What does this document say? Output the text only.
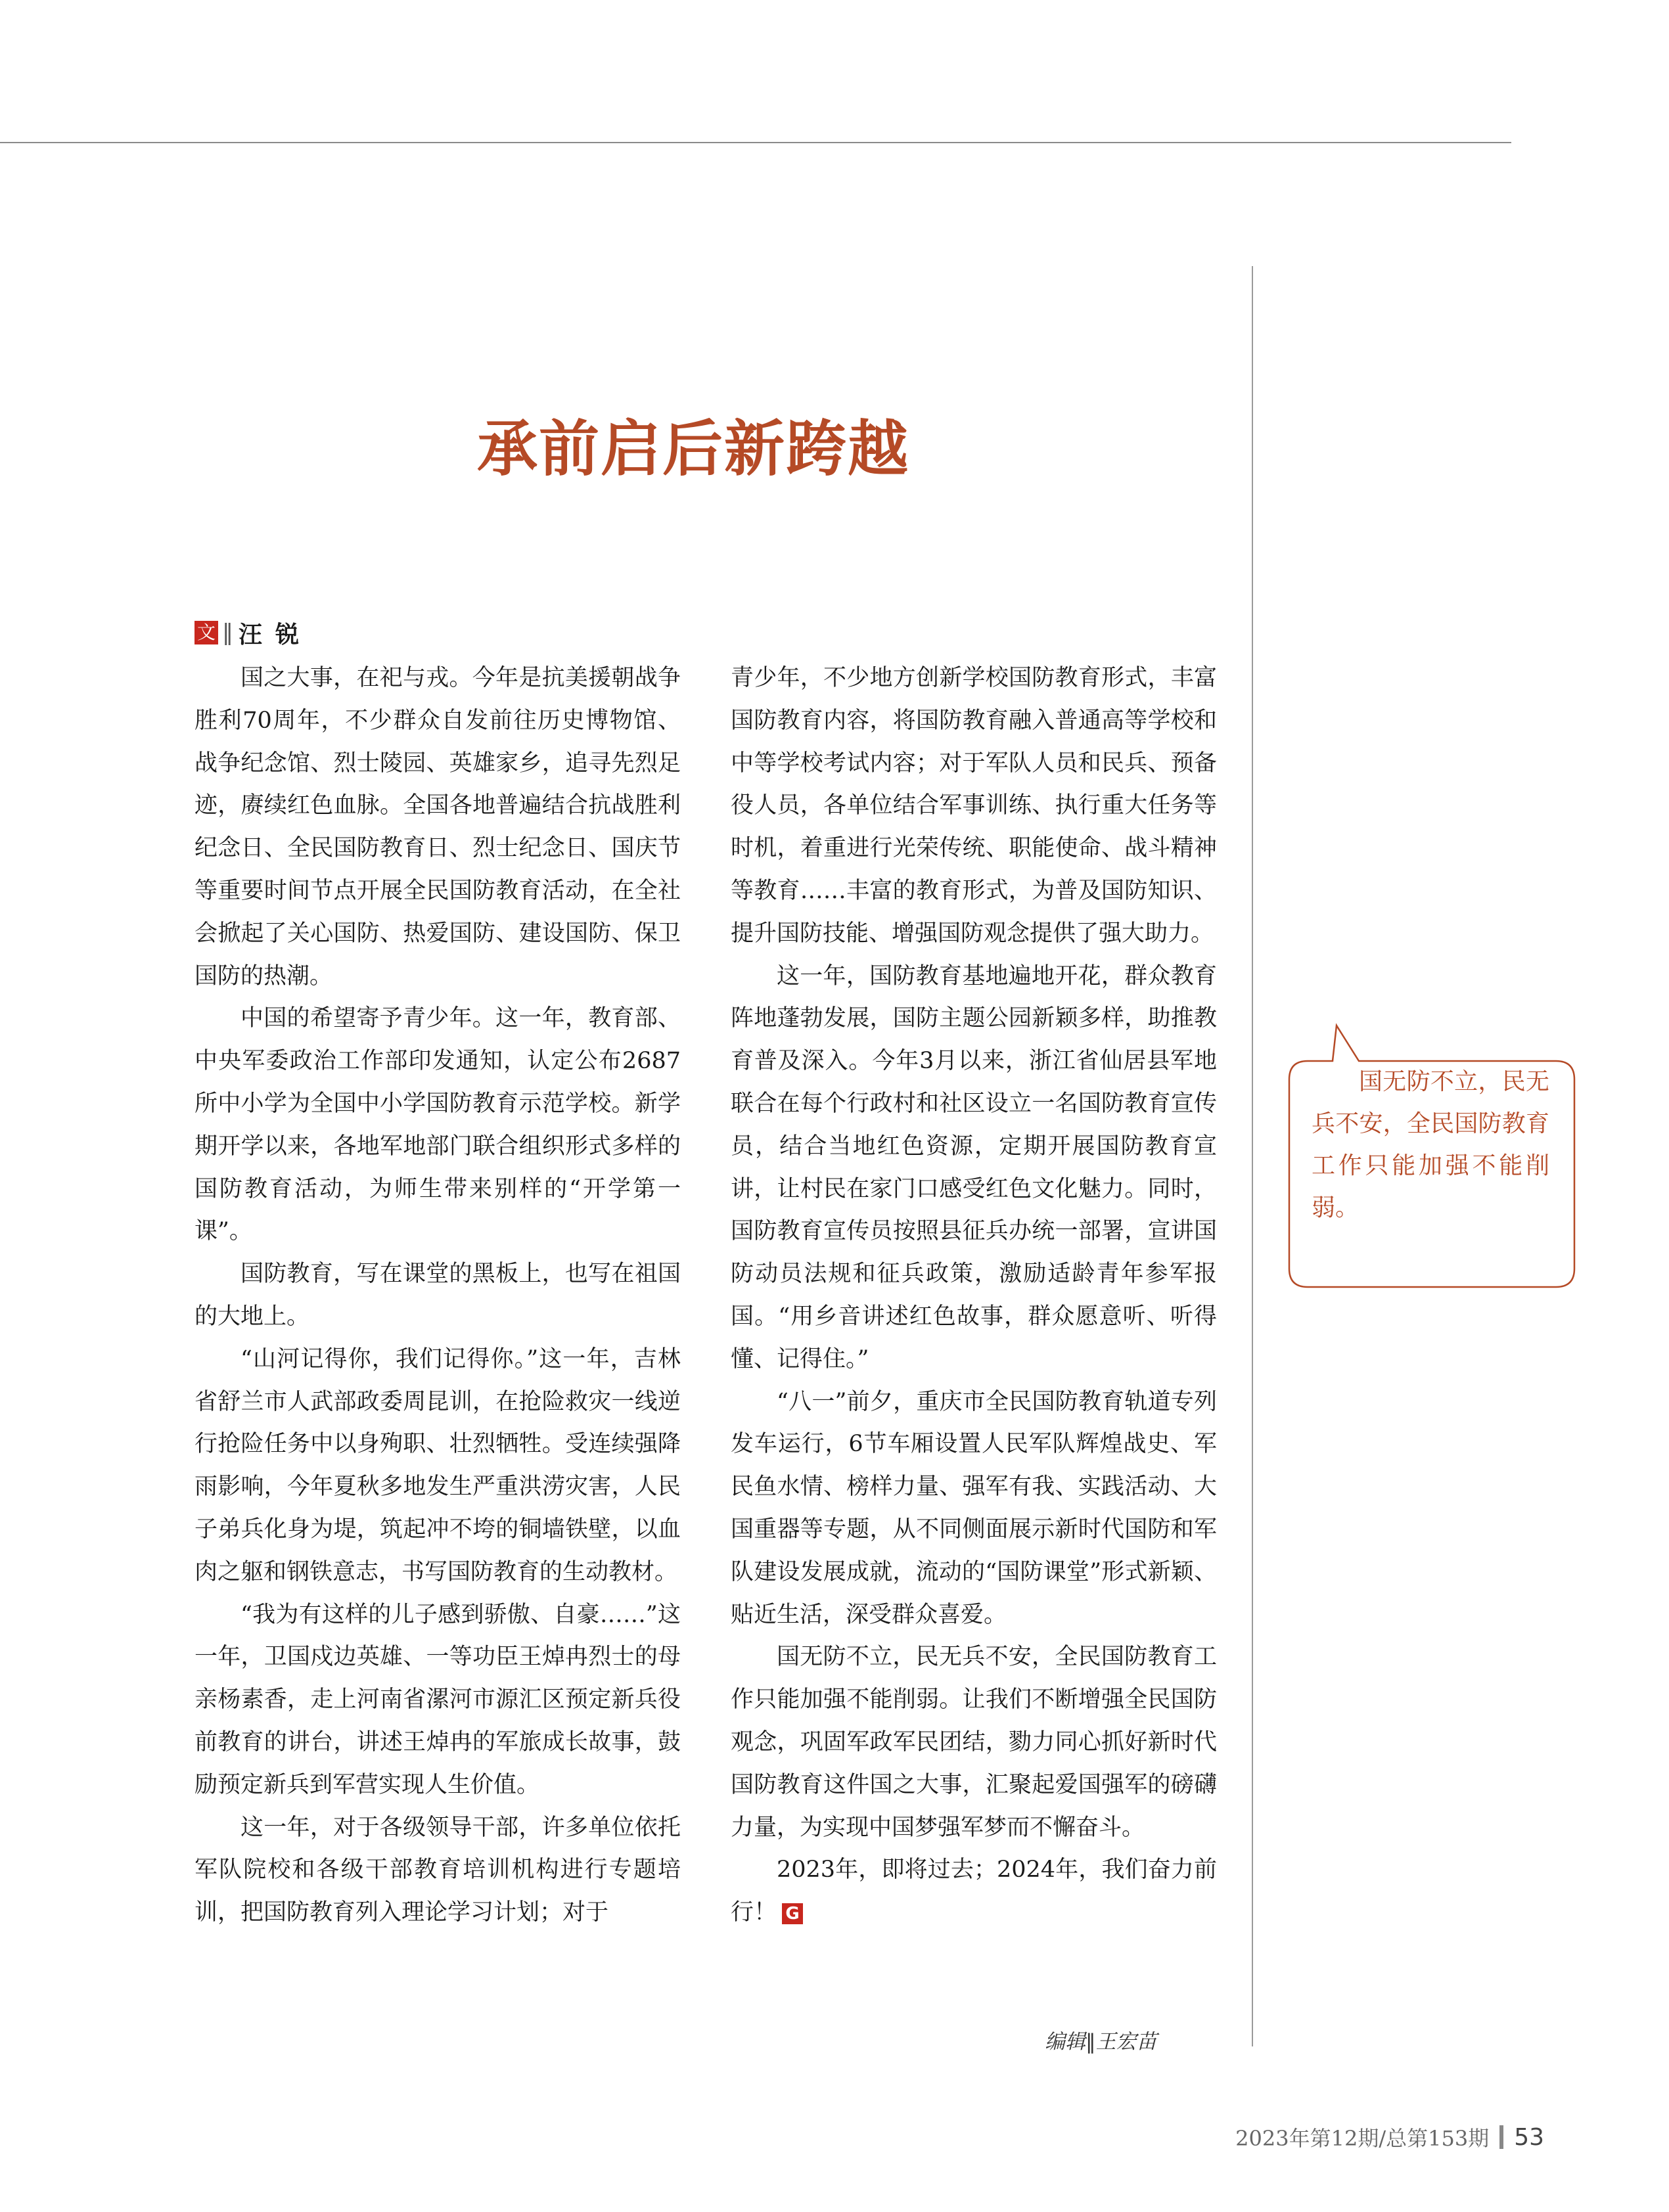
承前启后新跨越
文 ‖ 汪锐

国之大事，在祀与戎。今年是抗美援朝战争胜利70周年，不少群众自发前往历史博物馆、战争纪念馆、烈士陵园、英雄家乡，追寻先烈足迹，赓续红色血脉。全国各地普遍结合抗战胜利纪念日、全民国防教育日、烈士纪念日、国庆节等重要时间节点开展全民国防教育活动，在全社会掀起了关心国防、热爱国防、建设国防、保卫国防的热潮。

中国的希望寄予青少年。这一年，教育部、中央军委政治工作部印发通知，认定公布2687所中小学为全国中小学国防教育示范学校。新学期开学以来，各地军地部门联合组织形式多样的国防教育活动，为师生带来别样的“开学第一课”。

国防教育，写在课堂的黑板上，也写在祖国的大地上。

“山河记得你，我们记得你。”这一年，吉林省舒兰市人武部政委周昆训，在抢险救灾一线逆行抢险任务中以身殉职、壮烈牺牲。受连续强降雨影响，今年夏秋多地发生严重洪涝灾害，人民子弟兵化身为堤，筑起冲不垮的铜墙铁壁，以血肉之躯和钢铁意志，书写国防教育的生动教材。

“我为有这样的儿子感到骄傲、自豪……”这一年，卫国戍边英雄、一等功臣王焯冉烈士的母亲杨素香，走上河南省漯河市源汇区预定新兵役前教育的讲台，讲述王焯冉的军旅成长故事，鼓励预定新兵到军营实现人生价值。

这一年，对于各级领导干部，许多单位依托军队院校和各级干部教育培训机构进行专题培训，把国防教育列入理论学习计划；对于

青少年，不少地方创新学校国防教育形式，丰富国防教育内容，将国防教育融入普通高等学校和中等学校考试内容；对于军队人员和民兵、预备役人员，各单位结合军事训练、执行重大任务等时机，着重进行光荣传统、职能使命、战斗精神等教育……丰富的教育形式，为普及国防知识、提升国防技能、增强国防观念提供了强大助力。

这一年，国防教育基地遍地开花，群众教育阵地蓬勃发展，国防主题公园新颖多样，助推教育普及深入。今年3月以来，浙江省仙居县军地联合在每个行政村和社区设立一名国防教育宣传员，结合当地红色资源，定期开展国防教育宣讲，让村民在家门口感受红色文化魅力。同时，国防教育宣传员按照县征兵办统一部署，宣讲国防动员法规和征兵政策，激励适龄青年参军报国。“用乡音讲述红色故事，群众愿意听、听得懂、记得住。”

“八一”前夕，重庆市全民国防教育轨道专列发车运行，6节车厢设置人民军队辉煌战史、军民鱼水情、榜样力量、强军有我、实践活动、大国重器等专题，从不同侧面展示新时代国防和军队建设发展成就，流动的“国防课堂”形式新颖、贴近生活，深受群众喜爱。

国无防不立，民无兵不安，全民国防教育工作只能加强不能削弱。让我们不断增强全民国防观念，巩固军政军民团结，勠力同心抓好新时代国防教育这件国之大事，汇聚起爱国强军的磅礴力量，为实现中国梦强军梦而不懈奋斗。

2023年，即将过去；2024年，我们奋力前行！ G

国无防不立，民无兵不安，全民国防教育工作只能加强不能削弱。

编辑‖王宏苗
2023年第12期/总第153期 53
